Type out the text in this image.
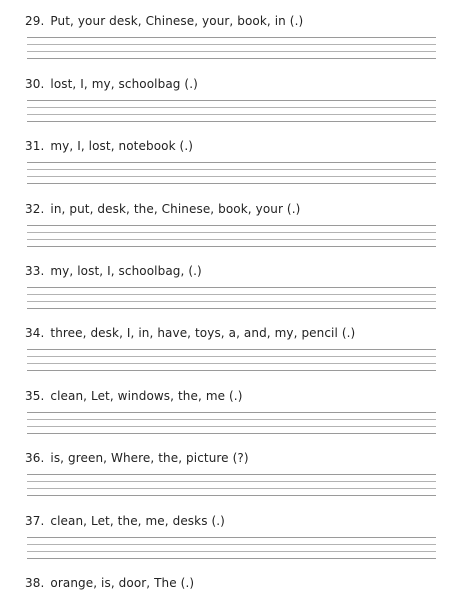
29. Put, your desk, Chinese, your, book, in (.)
30. lost, I, my, schoolbag (.)
31. my, I, lost, notebook (.)
32. in, put, desk, the, Chinese, book, your (.)
33. my, lost, I, schoolbag, (.)
34. three, desk, I, in, have, toys, a, and, my, pencil (.)
35. clean, Let, windows, the, me (.)
36. is, green, Where, the, picture (?)
37. clean, Let, the, me, desks (.)
38. orange, is, door, The (.)
